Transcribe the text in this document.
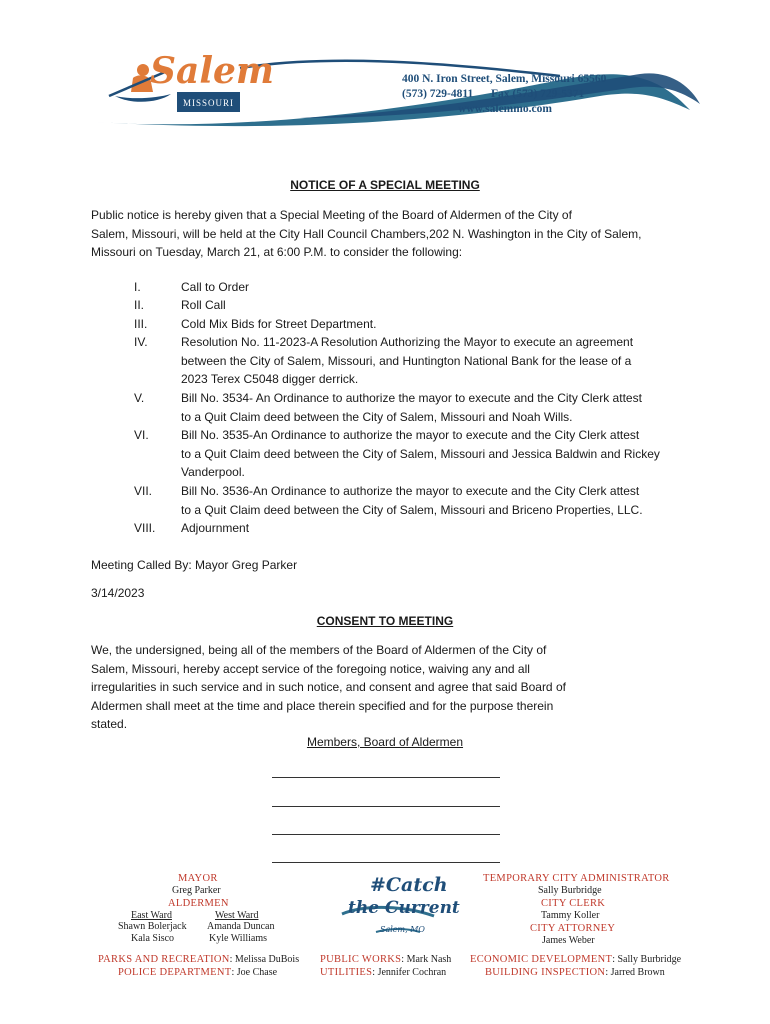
Salem
MISSOURI
400 N. Iron Street, Salem, Missouri 65560
(573) 729-4811 Fax (573) 729-5371
www.salemmo.com
NOTICE OF A SPECIAL MEETING
Public notice is hereby given that a Special Meeting of the Board of Aldermen of the City of
Salem, Missouri, will be held at the City Hall Council Chambers,202 N. Washington in the City of Salem,
Missouri on Tuesday, March 21, at 6:00 P.M. to consider the following:
I.	Call to Order
II.	Roll Call
III.	Cold Mix Bids for Street Department.
IV.	Resolution No. 11-2023-A Resolution Authorizing the Mayor to execute an agreement
between the City of Salem, Missouri, and Huntington National Bank for the lease of a
2023 Terex C5048 digger derrick.
V.	Bill No. 3534- An Ordinance to authorize the mayor to execute and the City Clerk attest
to a Quit Claim deed between the City of Salem, Missouri and Noah Wills.
VI.	Bill No. 3535-An Ordinance to authorize the mayor to execute and the City Clerk attest
to a Quit Claim deed between the City of Salem, Missouri and Jessica Baldwin and Rickey
Vanderpool.
VII. Bill No. 3536-An Ordinance to authorize the mayor to execute and the City Clerk attest
to a Quit Claim deed between the City of Salem, Missouri and Briceno Properties, LLC.
VIII. Adjournment
Meeting Called By: Mayor Greg Parker
3/14/2023
CONSENT TO MEETING
We, the undersigned, being all of the members of the Board of Aldermen of the City of
Salem, Missouri, hereby accept service of the foregoing notice, waiving any and all
irregularities in such service and in such notice, and consent and agree that said Board of
Aldermen shall meet at the time and place therein specified and for the purpose therein
stated.
Members, Board of Aldermen
MAYOR
Greg Parker
ALDERMEN
East Ward
Shawn Bolerjack
Kala Sisco
West Ward
Amanda Duncan
Kyle Williams
PARKS AND RECREATION: Melissa DuBois
POLICE DEPARTMENT: Joe Chase
#Catch
the Current
Salem, MO
PUBLIC WORKS: Mark Nash
UTILITIES: Jennifer Cochran
TEMPORARY CITY ADMINISTRATOR
Sally Burbridge
CITY CLERK
Tammy Koller
CITY ATTORNEY
James Weber
ECONOMIC DEVELOPMENT: Sally Burbridge
BUILDING INSPECTION: Jarred Brown
